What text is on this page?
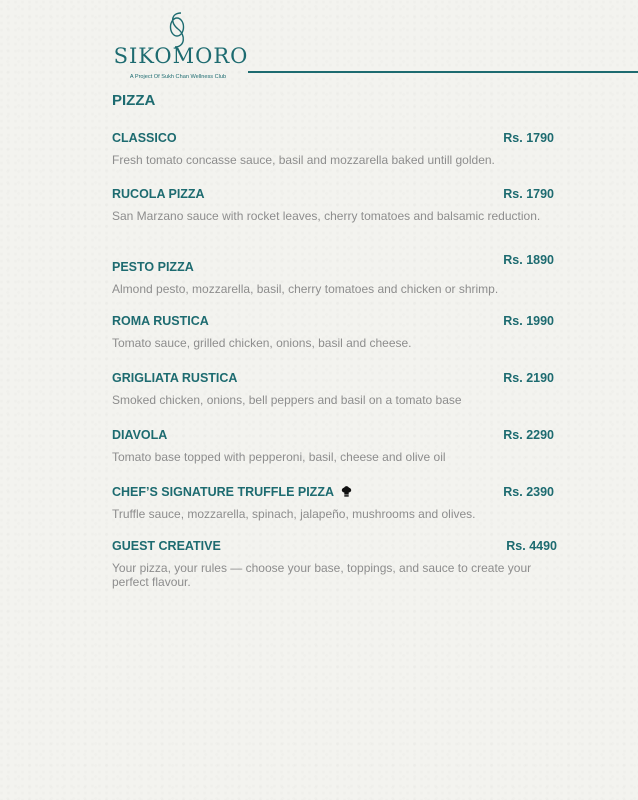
SIKOMORO
A Project Of Sukh Chan Wellness Club
PIZZA
CLASSICO	Rs. 1790
Fresh tomato concasse sauce, basil and mozzarella baked untill golden.
RUCOLA PIZZA	Rs. 1790
San Marzano sauce with rocket leaves, cherry tomatoes and balsamic reduction.
PESTO PIZZA	Rs. 1890
Almond pesto, mozzarella, basil, cherry tomatoes and chicken or shrimp.
ROMA RUSTICA	Rs. 1990
Tomato sauce, grilled chicken, onions, basil and cheese.
GRIGLIATA RUSTICA	Rs. 2190
Smoked chicken, onions, bell peppers and basil on a tomato base
DIAVOLA	Rs. 2290
Tomato base topped with pepperoni, basil, cheese and olive oil
CHEF’S SIGNATURE TRUFFLE PIZZA	Rs. 2390
Truffle sauce, mozzarella, spinach, jalapeño, mushrooms and olives.
GUEST CREATIVE	Rs. 4490
Your pizza, your rules — choose your base, toppings, and sauce to create your perfect flavour.
